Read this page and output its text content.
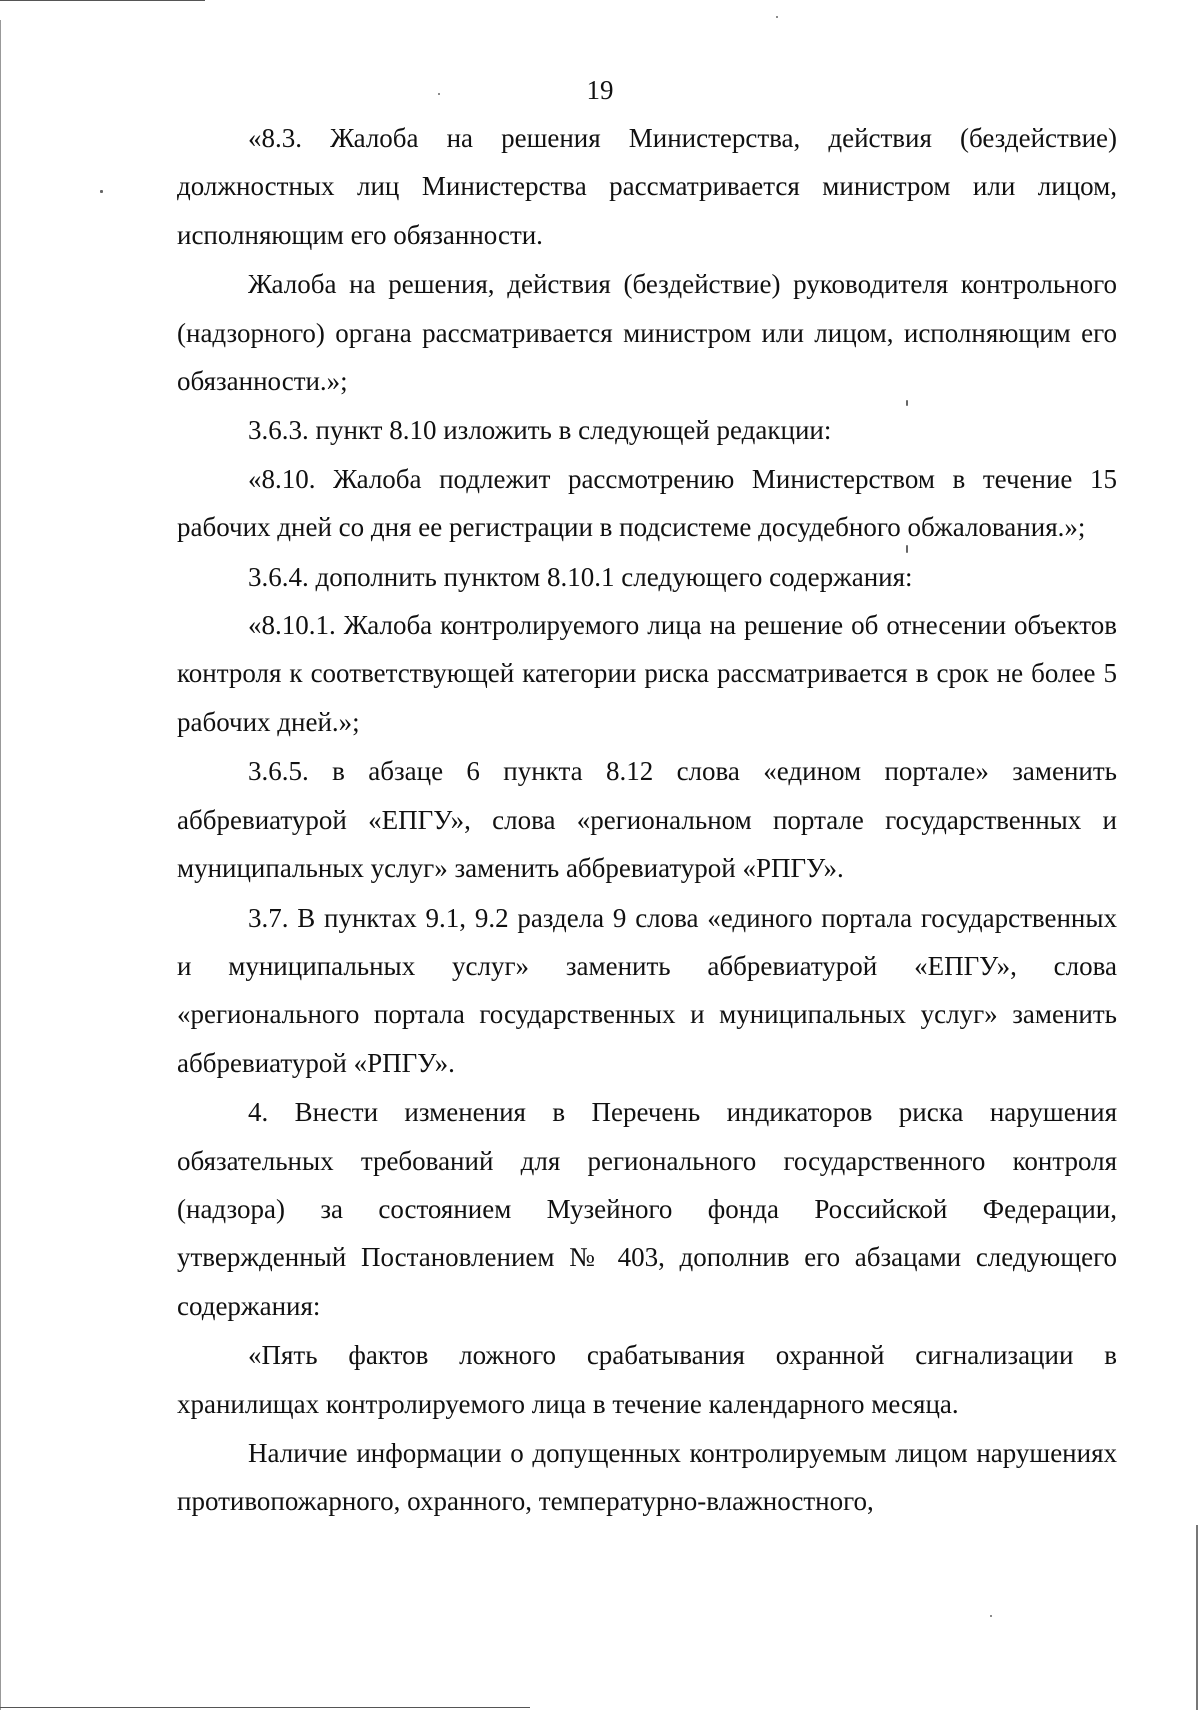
19

«8.3. Жалоба на решения Министерства, действия (бездействие) должностных лиц Министерства рассматривается министром или лицом, исполняющим его обязанности.

Жалоба на решения, действия (бездействие) руководителя контрольного (надзорного) органа рассматривается министром или лицом, исполняющим его обязанности.»;

3.6.3. пункт 8.10 изложить в следующей редакции:

«8.10. Жалоба подлежит рассмотрению Министерством в течение 15 рабочих дней со дня ее регистрации в подсистеме досудебного обжалования.»;

3.6.4. дополнить пунктом 8.10.1 следующего содержания:

«8.10.1. Жалоба контролируемого лица на решение об отнесении объектов контроля к соответствующей категории риска рассматривается в срок не более 5 рабочих дней.»;

3.6.5. в абзаце 6 пункта 8.12 слова «едином портале» заменить аббревиатурой «ЕПГУ», слова «региональном портале государственных и муниципальных услуг» заменить аббревиатурой «РПГУ».

3.7. В пунктах 9.1, 9.2 раздела 9 слова «единого портала государственных и муниципальных услуг» заменить аббревиатурой «ЕПГУ», слова «регионального портала государственных и муниципальных услуг» заменить аббревиатурой «РПГУ».

4. Внести изменения в Перечень индикаторов риска нарушения обязательных требований для регионального государственного контроля (надзора) за состоянием Музейного фонда Российской Федерации, утвержденный Постановлением № 403, дополнив его абзацами следующего содержания:

«Пять фактов ложного срабатывания охранной сигнализации в хранилищах контролируемого лица в течение календарного месяца.

Наличие информации о допущенных контролируемым лицом нарушениях противопожарного, охранного, температурно-влажностного,
